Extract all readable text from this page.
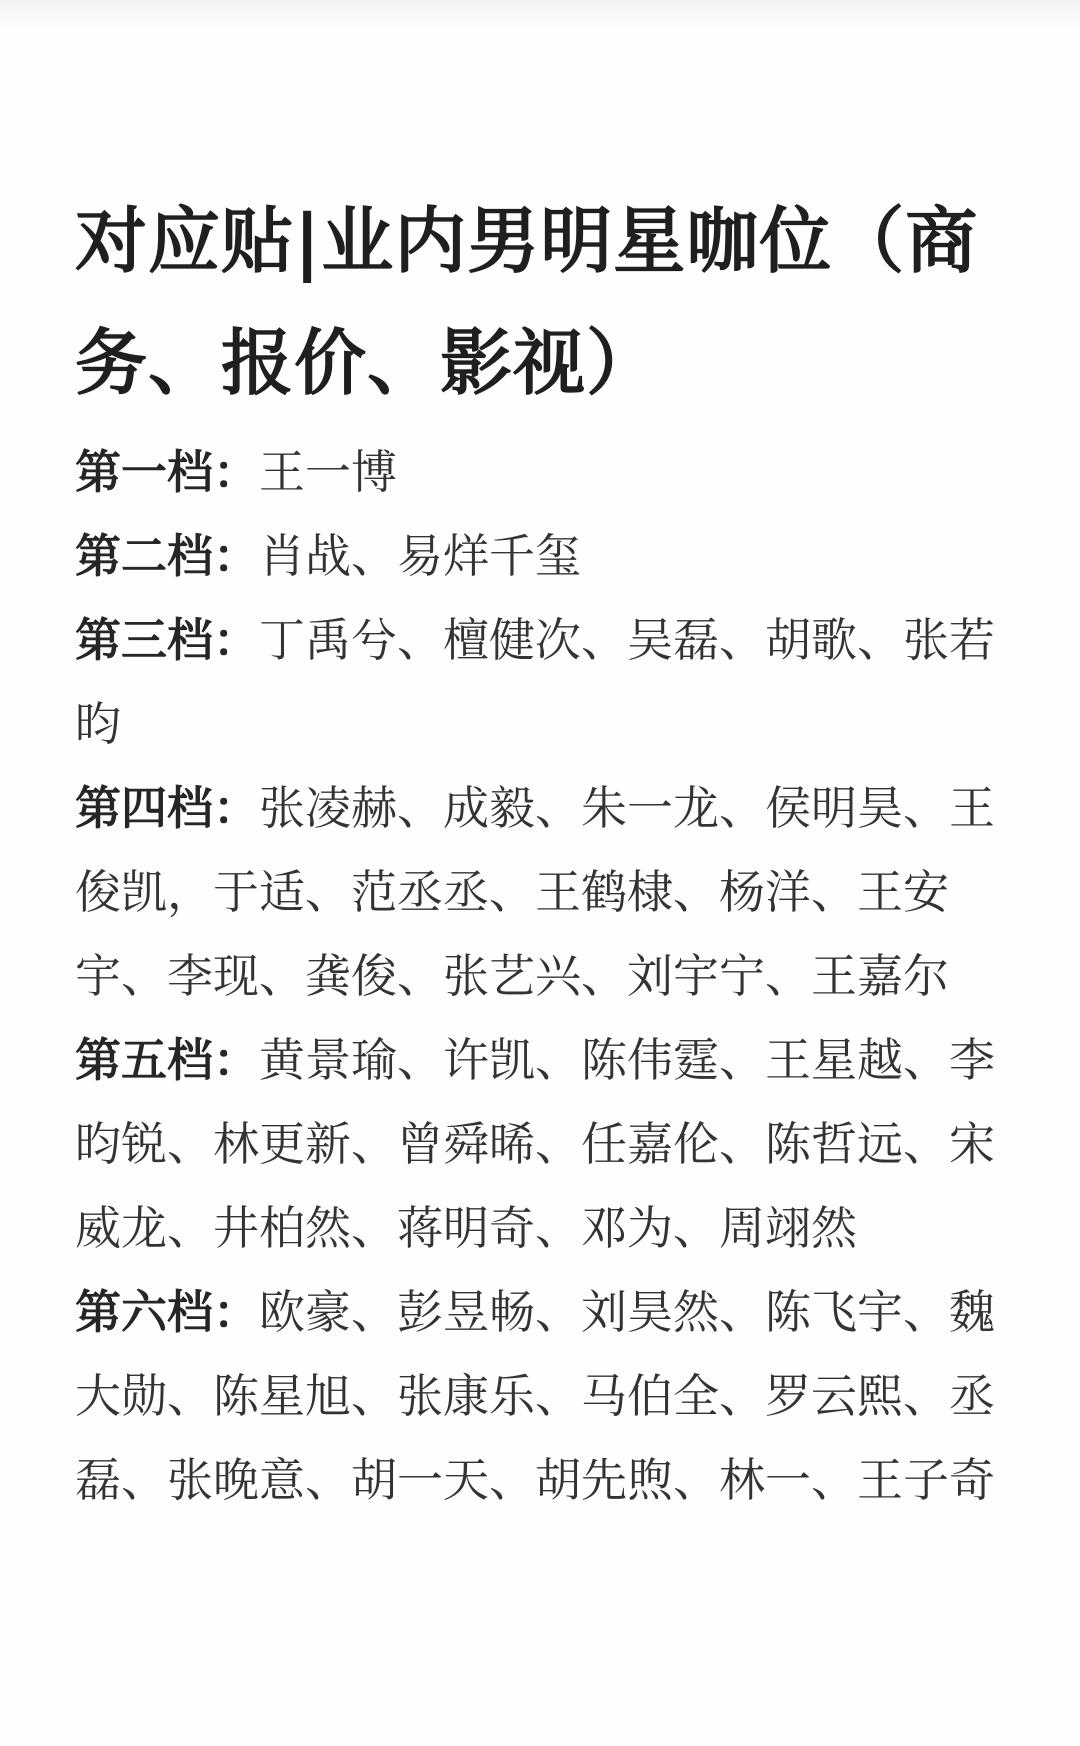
对应贴|业内男明星咖位（商务、报价、影视）

第一档：王一博

第二档：肖战、易烊千玺

第三档：丁禹兮、檀健次、吴磊、胡歌、张若昀

第四档：张凌赫、成毅、朱一龙、侯明昊、王俊凯，于适、范丞丞、王鹤棣、杨洋、王安宇、李现、龚俊、张艺兴、刘宇宁、王嘉尔

第五档：黄景瑜、许凯、陈伟霆、王星越、李昀锐、林更新、曾舜晞、任嘉伦、陈哲远、宋威龙、井柏然、蒋明奇、邓为、周翊然

第六档：欧豪、彭昱畅、刘昊然、陈飞宇、魏大勋、陈星旭、张康乐、马伯全、罗云熙、丞磊、张晚意、胡一天、胡先煦、林一、王子奇
